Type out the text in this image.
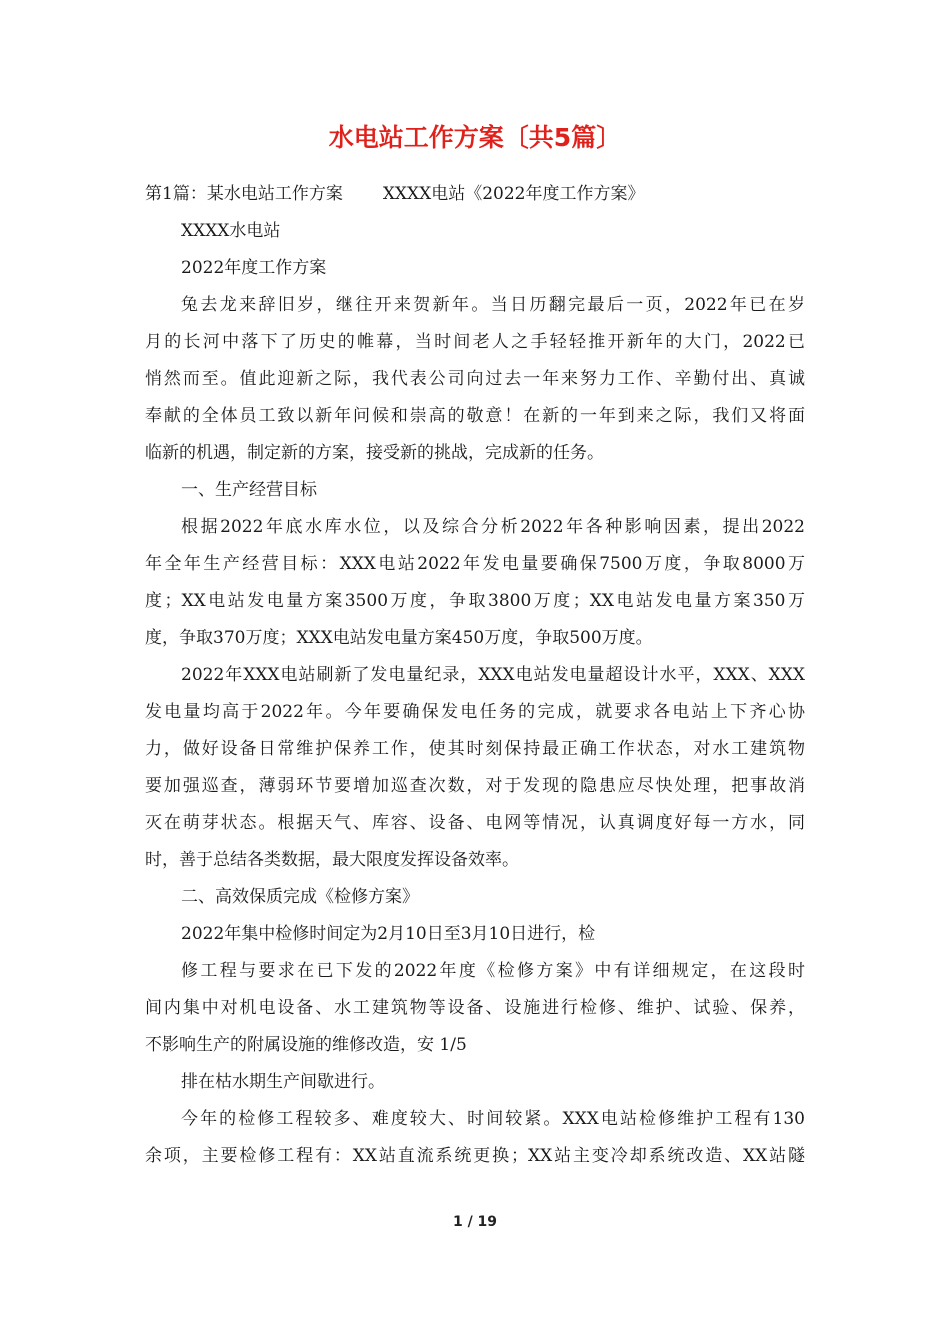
水电站工作方案〔共5篇〕
第1篇：某水电站工作方案 XXXX电站《2022年度工作方案》
XXXX水电站
2022年度工作方案
兔去龙来辞旧岁，继往开来贺新年。当日历翻完最后一页，2022年已在岁
月的长河中落下了历史的帷幕，当时间老人之手轻轻推开新年的大门，2022已
悄然而至。值此迎新之际，我代表公司向过去一年来努力工作、辛勤付出、真诚
奉献的全体员工致以新年问候和崇高的敬意！在新的一年到来之际，我们又将面
临新的机遇，制定新的方案，接受新的挑战，完成新的任务。
一、生产经营目标
根据2022年底水库水位，以及综合分析2022年各种影响因素，提出2022
年全年生产经营目标：XXX电站2022年发电量要确保7500万度，争取8000万
度；XX电站发电量方案3500万度，争取3800万度；XX电站发电量方案350万
度，争取370万度；XXX电站发电量方案450万度，争取500万度。
2022年XXX电站刷新了发电量纪录，XXX电站发电量超设计水平，XXX、XXX
发电量均高于2022年。今年要确保发电任务的完成，就要求各电站上下齐心协
力，做好设备日常维护保养工作，使其时刻保持最正确工作状态，对水工建筑物
要加强巡查，薄弱环节要增加巡查次数，对于发现的隐患应尽快处理，把事故消
灭在萌芽状态。根据天气、库容、设备、电网等情况，认真调度好每一方水，同
时，善于总结各类数据，最大限度发挥设备效率。
二、高效保质完成《检修方案》
2022年集中检修时间定为2月10日至3月10日进行，检
修工程与要求在已下发的2022年度《检修方案》中有详细规定，在这段时
间内集中对机电设备、水工建筑物等设备、设施进行检修、维护、试验、保养，
不影响生产的附属设施的维修改造，安 1/5
排在枯水期生产间歇进行。
今年的检修工程较多、难度较大、时间较紧。XXX电站检修维护工程有130
余项，主要检修工程有：XX站直流系统更换；XX站主变冷却系统改造、XX站隧
1 / 19
